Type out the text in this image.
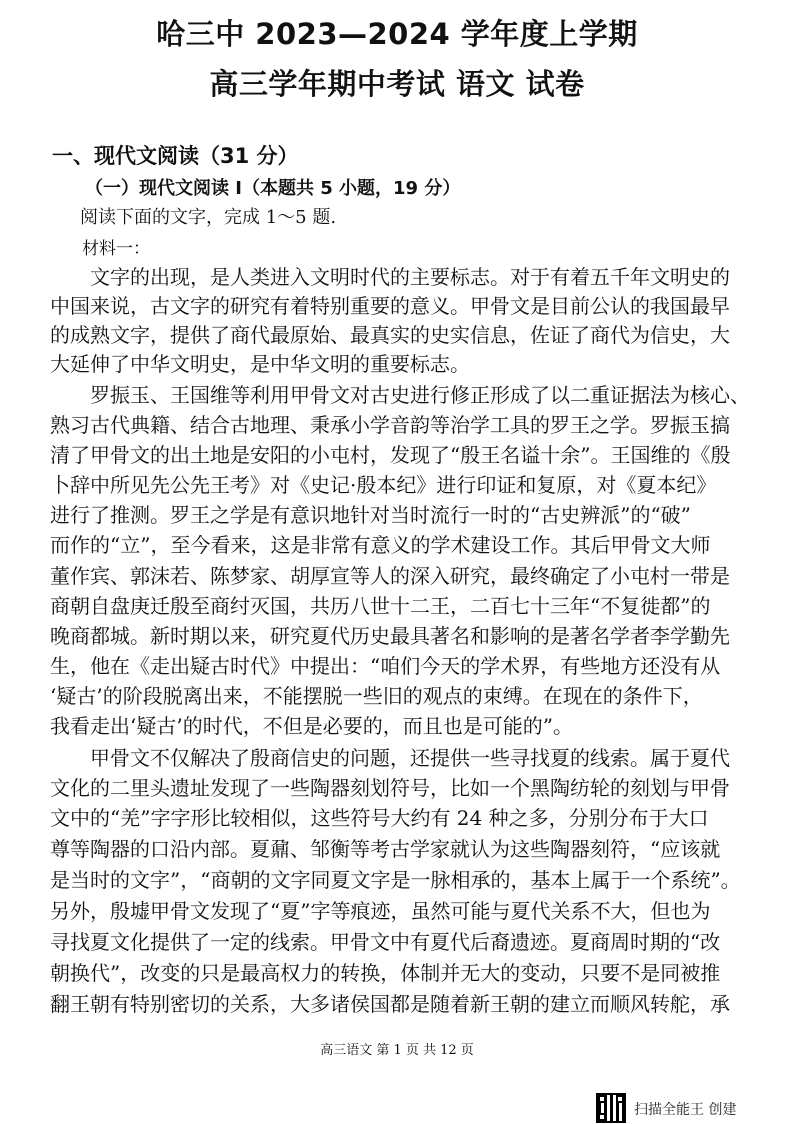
哈三中 2023—2024 学年度上学期
高三学年期中考试 语文 试卷
一、现代文阅读（31 分）
（一）现代文阅读 Ⅰ（本题共 5 小题，19 分）
阅读下面的文字，完成 1～5 题.
材料一：
文字的出现，是人类进入文明时代的主要标志。对于有着五千年文明史的
中国来说，古文字的研究有着特别重要的意义。甲骨文是目前公认的我国最早
的成熟文字，提供了商代最原始、最真实的史实信息，佐证了商代为信史，大
大延伸了中华文明史，是中华文明的重要标志。
罗振玉、王国维等利用甲骨文对古史进行修正形成了以二重证据法为核心、
熟习古代典籍、结合古地理、秉承小学音韵等治学工具的罗王之学。罗振玉搞
清了甲骨文的出土地是安阳的小屯村，发现了“殷王名谥十余”。王国维的《殷
卜辞中所见先公先王考》对《史记·殷本纪》进行印证和复原，对《夏本纪》
进行了推测。罗王之学是有意识地针对当时流行一时的“古史辨派”的“破”
而作的“立”，至今看来，这是非常有意义的学术建设工作。其后甲骨文大师
董作宾、郭沫若、陈梦家、胡厚宣等人的深入研究，最终确定了小屯村一带是
商朝自盘庚迁殷至商纣灭国，共历八世十二王，二百七十三年“不复徙都”的
晚商都城。新时期以来，研究夏代历史最具著名和影响的是著名学者李学勤先
生，他在《走出疑古时代》中提出：“咱们今天的学术界，有些地方还没有从
‘疑古’的阶段脱离出来，不能摆脱一些旧的观点的束缚。在现在的条件下，
我看走出‘疑古’的时代，不但是必要的，而且也是可能的”。
甲骨文不仅解决了殷商信史的问题，还提供一些寻找夏的线索。属于夏代
文化的二里头遗址发现了一些陶器刻划符号，比如一个黑陶纺轮的刻划与甲骨
文中的“羌”字字形比较相似，这些符号大约有 24 种之多，分别分布于大口
尊等陶器的口沿内部。夏鼐、邹衡等考古学家就认为这些陶器刻符，“应该就
是当时的文字”，“商朝的文字同夏文字是一脉相承的，基本上属于一个系统”。
另外，殷墟甲骨文发现了“夏”字等痕迹，虽然可能与夏代关系不大，但也为
寻找夏文化提供了一定的线索。甲骨文中有夏代后裔遗迹。夏商周时期的“改
朝换代”，改变的只是最高权力的转换，体制并无大的变动，只要不是同被推
翻王朝有特别密切的关系，大多诸侯国都是随着新王朝的建立而顺风转舵，承
高三语文 第 1 页 共 12 页
扫描全能王 创建
